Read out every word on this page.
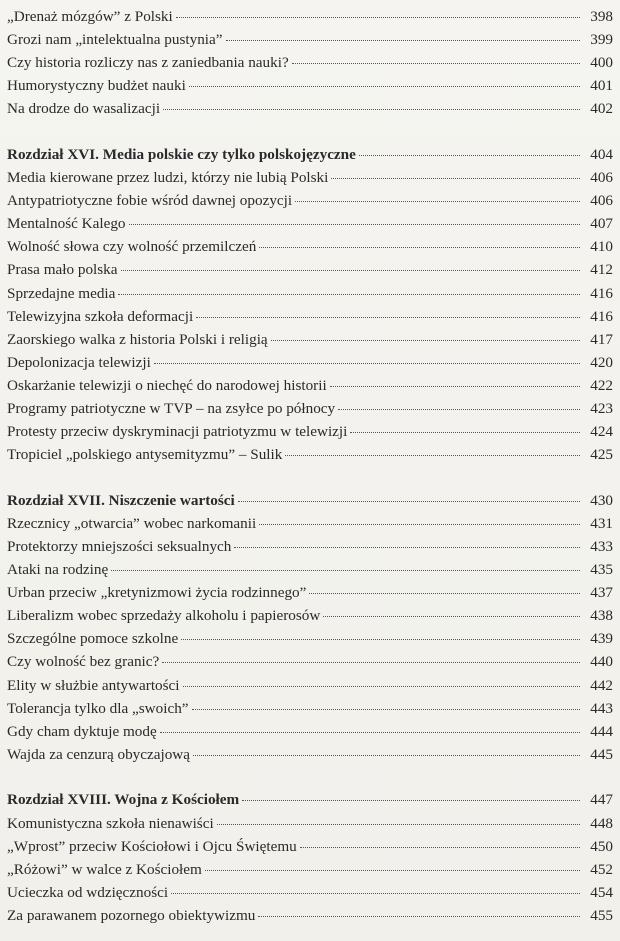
„Drenaż mózgów” z Polski	398
Grozi nam „intelektualna pustynia”	399
Czy historia rozliczy nas z zaniedbania nauki?	400
Humorystyczny budżet nauki	401
Na drodze do wasalizacji	402
Rozdział XVI. Media polskie czy tylko polskojęzyczne	404
Media kierowane przez ludzi, którzy nie lubią Polski	406
Antypatriotyczne fobie wśród dawnej opozycji	406
Mentalność Kalego	407
Wolność słowa czy wolność przemilczeń	410
Prasa mało polska	412
Sprzedajne media	416
Telewizyjna szkoła deformacji	416
Zaorskiego walka z historia Polski i religią	417
Depolonizacja telewizji	420
Oskarżanie telewizji o niechęć do narodowej historii	422
Programy patriotyczne w TVP – na zsyłce po północy	423
Protesty przeciw dyskryminacji patriotyzmu w telewizji	424
Tropiciel „polskiego antysemityzmu” – Sulik	425
Rozdział XVII. Niszczenie wartości	430
Rzecznicy „otwarcia” wobec narkomanii	431
Protektorzy mniejszości seksualnych	433
Ataki na rodzinę	435
Urban przeciw „kretynizmowi życia rodzinnego”	437
Liberalizm wobec sprzedaży alkoholu i papierosów	438
Szczególne pomoce szkolne	439
Czy wolność bez granic?	440
Elity w służbie antywartości	442
Tolerancja tylko dla „swoich”	443
Gdy cham dyktuje modę	444
Wajda za cenzurą obyczajową	445
Rozdział XVIII. Wojna z Kościołem	447
Komunistyczna szkoła nienawiści	448
„Wprost” przeciw Kościołowi i Ojcu Świętemu	450
„Różowi” w walce z Kościołem	452
Ucieczka od wdzięczności	454
Za parawanem pozornego obiektywizmu	455
